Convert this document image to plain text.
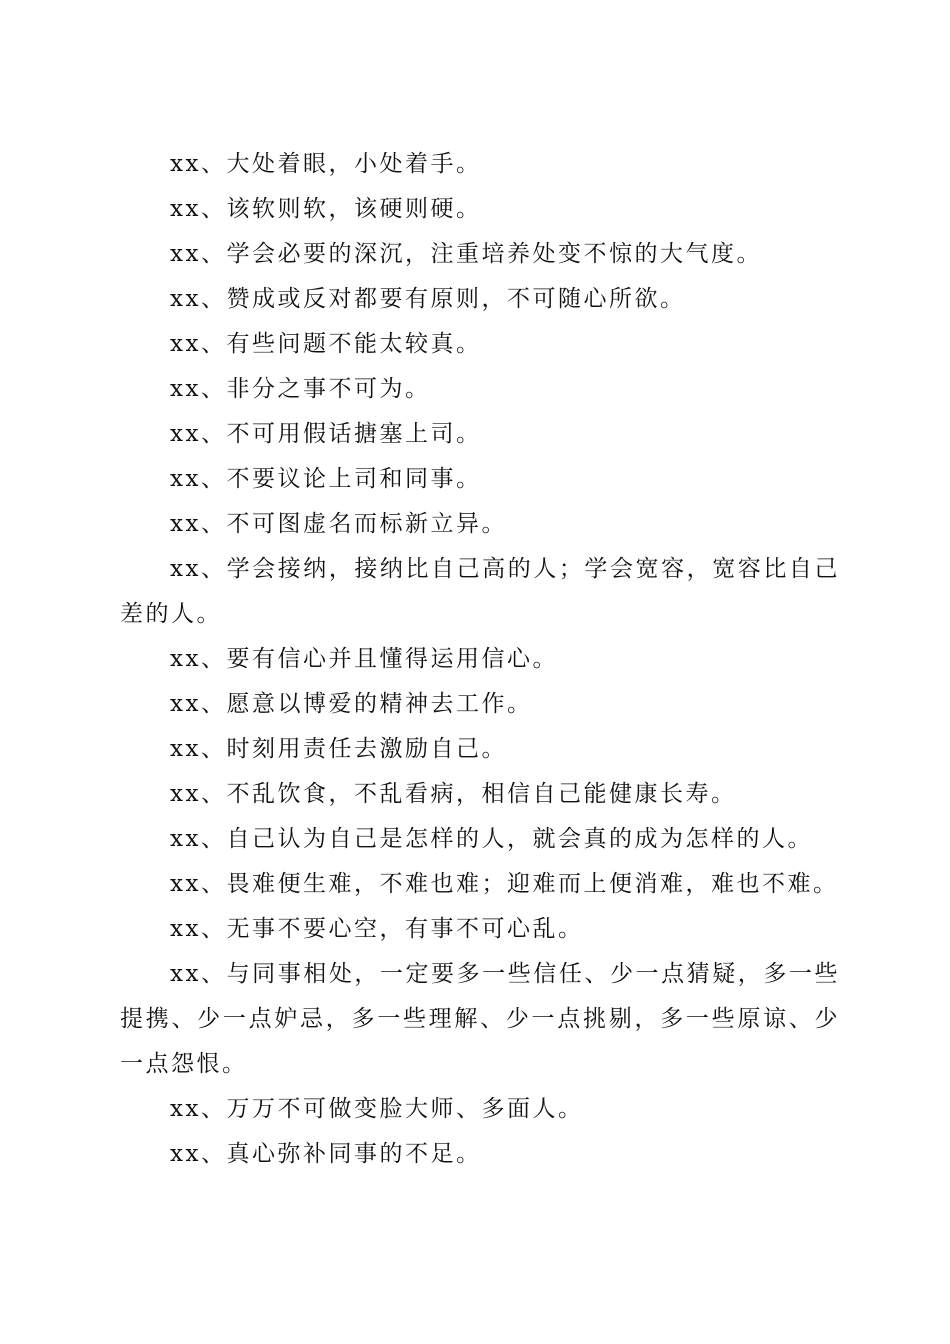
xx、大处着眼，小处着手。

xx、该软则软，该硬则硬。

xx、学会必要的深沉，注重培养处变不惊的大气度。

xx、赞成或反对都要有原则，不可随心所欲。

xx、有些问题不能太较真。

xx、非分之事不可为。

xx、不可用假话搪塞上司。

xx、不要议论上司和同事。

xx、不可图虚名而标新立异。

xx、学会接纳，接纳比自己高的人；学会宽容，宽容比自己差的人。

xx、要有信心并且懂得运用信心。

xx、愿意以博爱的精神去工作。

xx、时刻用责任去激励自己。

xx、不乱饮食，不乱看病，相信自己能健康长寿。

xx、自己认为自己是怎样的人，就会真的成为怎样的人。

xx、畏难便生难，不难也难；迎难而上便消难，难也不难。

xx、无事不要心空，有事不可心乱。

xx、与同事相处，一定要多一些信任、少一点猜疑，多一些提携、少一点妒忌，多一些理解、少一点挑剔，多一些原谅、少一点怨恨。

xx、万万不可做变脸大师、多面人。

xx、真心弥补同事的不足。
